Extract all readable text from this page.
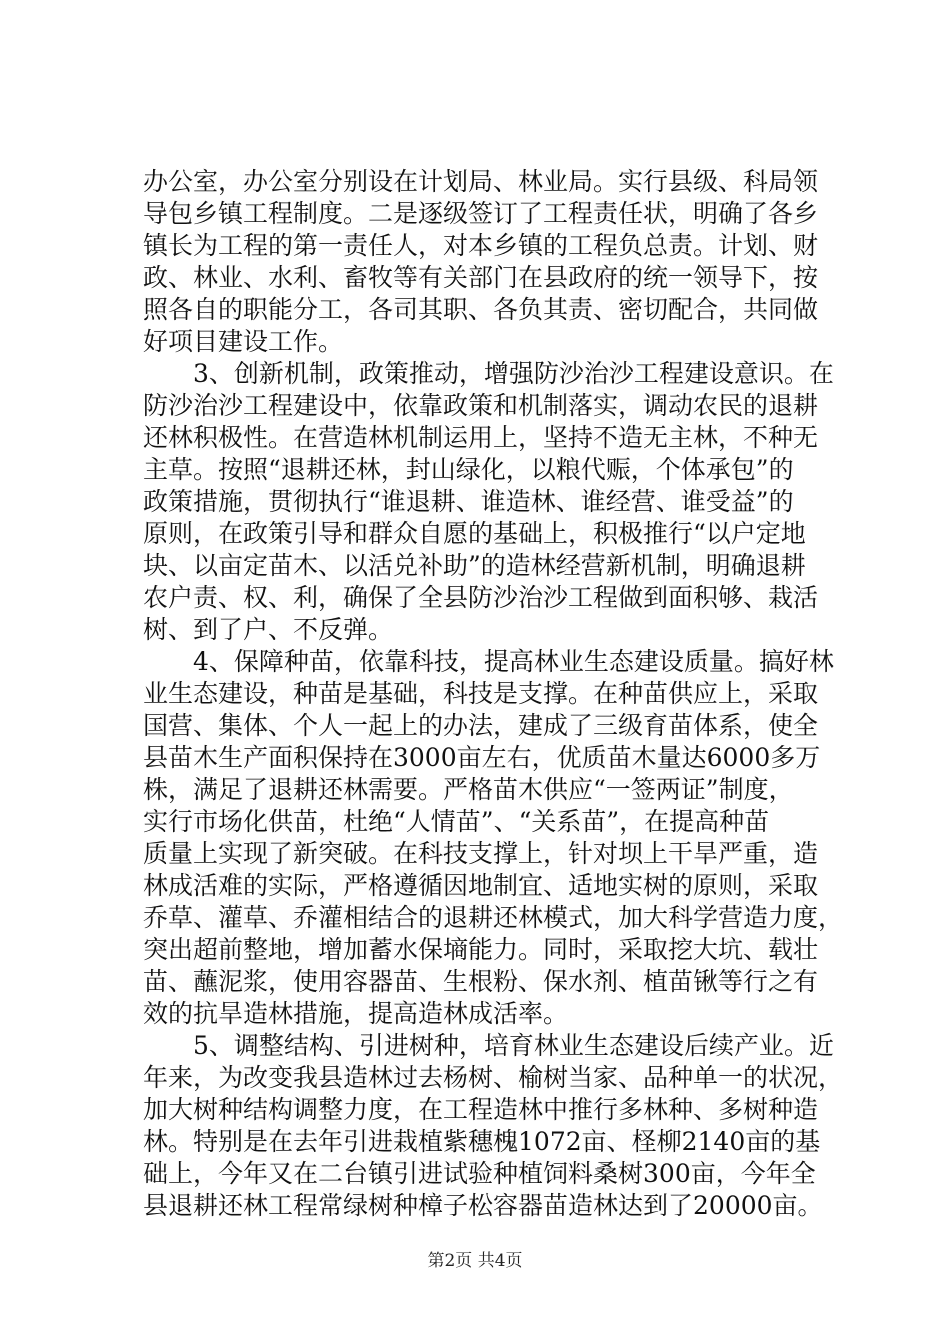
办公室，办公室分别设在计划局、林业局。实行县级、科局领
导包乡镇工程制度。二是逐级签订了工程责任状，明确了各乡
镇长为工程的第一责任人，对本乡镇的工程负总责。计划、财
政、林业、水利、畜牧等有关部门在县政府的统一领导下，按
照各自的职能分工，各司其职、各负其责、密切配合，共同做
好项目建设工作。
　　3、创新机制，政策推动，增强防沙治沙工程建设意识。在
防沙治沙工程建设中，依靠政策和机制落实，调动农民的退耕
还林积极性。在营造林机制运用上，坚持不造无主林，不种无
主草。按照“退耕还林，封山绿化，以粮代赈，个体承包”的
政策措施，贯彻执行“谁退耕、谁造林、谁经营、谁受益”的
原则，在政策引导和群众自愿的基础上，积极推行“以户定地
块、以亩定苗木、以活兑补助”的造林经营新机制，明确退耕
农户责、权、利，确保了全县防沙治沙工程做到面积够、栽活
树、到了户、不反弹。
　　4、保障种苗，依靠科技，提高林业生态建设质量。搞好林
业生态建设，种苗是基础，科技是支撑。在种苗供应上，采取
国营、集体、个人一起上的办法，建成了三级育苗体系，使全
县苗木生产面积保持在3000亩左右，优质苗木量达6000多万
株，满足了退耕还林需要。严格苗木供应“一签两证”制度，
实行市场化供苗，杜绝“人情苗”、“关系苗”，在提高种苗
质量上实现了新突破。在科技支撑上，针对坝上干旱严重，造
林成活难的实际，严格遵循因地制宜、适地实树的原则，采取
乔草、灌草、乔灌相结合的退耕还林模式，加大科学营造力度，
突出超前整地，增加蓄水保墒能力。同时，采取挖大坑、载壮
苗、蘸泥浆，使用容器苗、生根粉、保水剂、植苗锹等行之有
效的抗旱造林措施，提高造林成活率。
　　5、调整结构、引进树种，培育林业生态建设后续产业。近
年来，为改变我县造林过去杨树、榆树当家、品种单一的状况，
加大树种结构调整力度，在工程造林中推行多林种、多树种造
林。特别是在去年引进栽植紫穗槐1072亩、柽柳2140亩的基
础上，今年又在二台镇引进试验种植饲料桑树300亩，今年全
县退耕还林工程常绿树种樟子松容器苗造林达到了20000亩。
第2页 共4页
